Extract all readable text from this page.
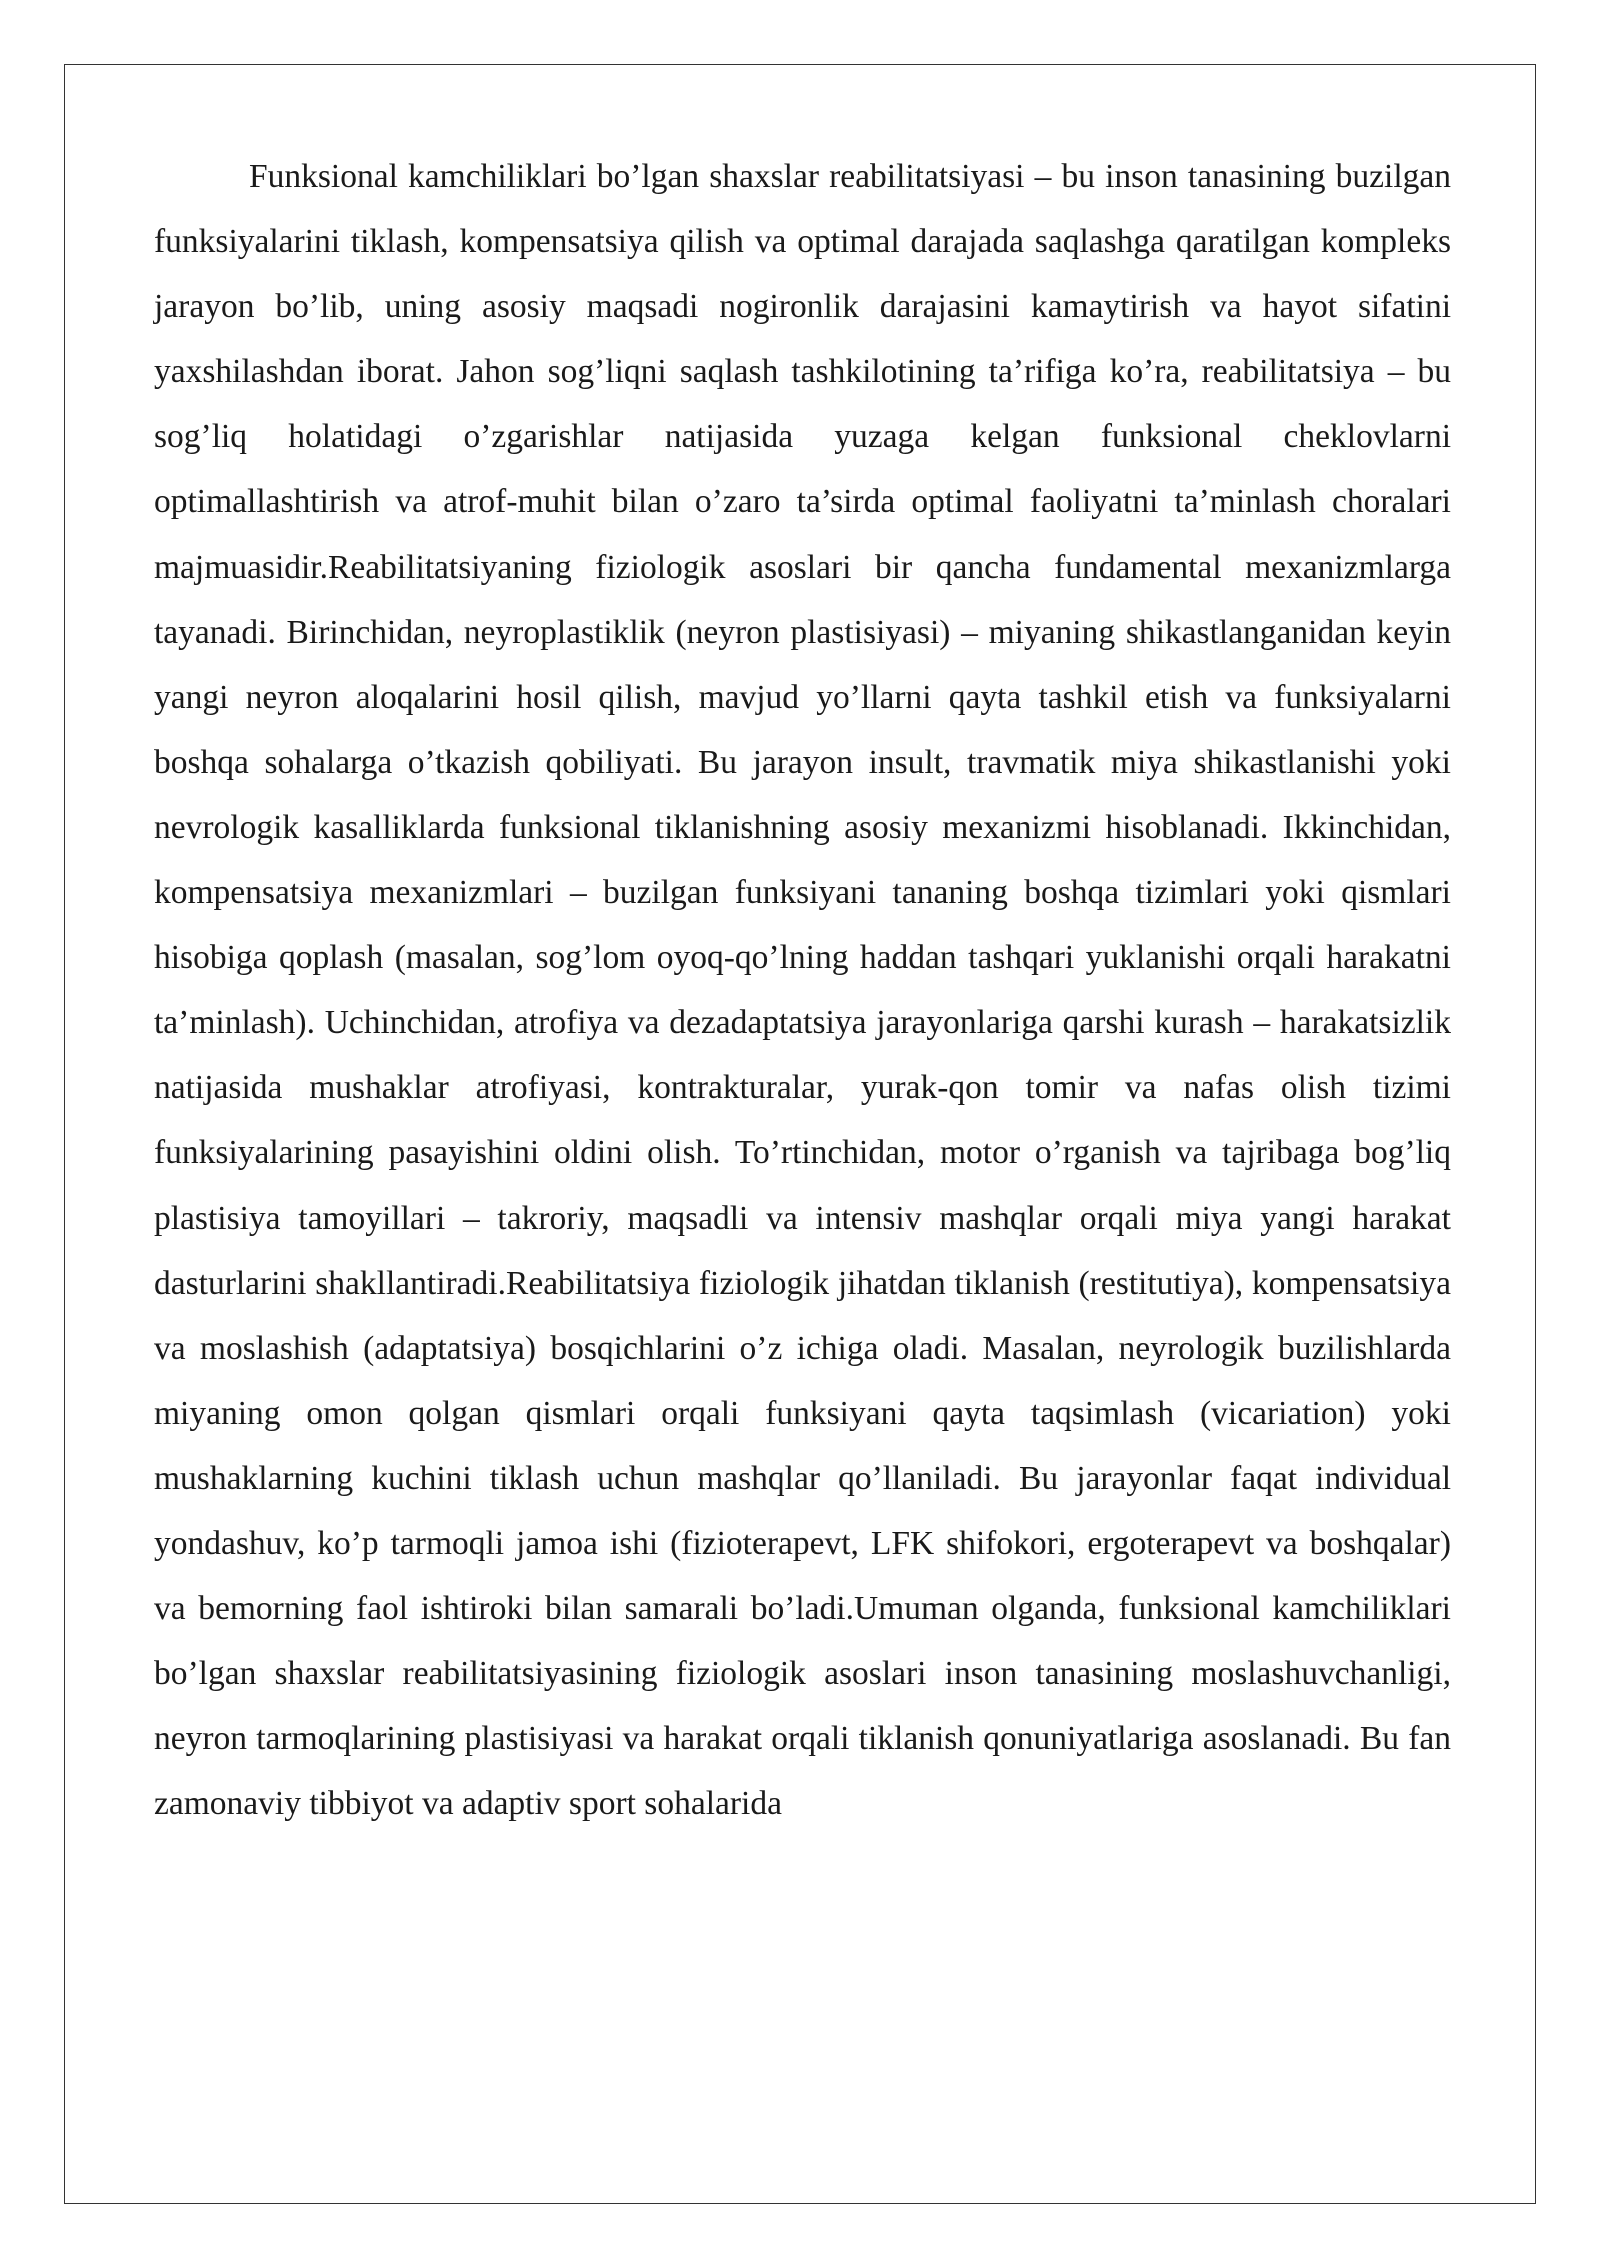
Funksional kamchiliklari bo’lgan shaxslar reabilitatsiyasi – bu inson tanasining buzilgan funksiyalarini tiklash, kompensatsiya qilish va optimal darajada saqlashga qaratilgan kompleks jarayon bo’lib, uning asosiy maqsadi nogironlik darajasini kamaytirish va hayot sifatini yaxshilashdan iborat. Jahon sog’liqni saqlash tashkilotining ta’rifiga ko’ra, reabilitatsiya – bu sog’liq holatidagi o’zgarishlar natijasida yuzaga kelgan funksional cheklovlarni optimallashtirish va atrof-muhit bilan o’zaro ta’sirda optimal faoliyatni ta’minlash choralari majmuasidir.Reabilitatsiyaning fiziologik asoslari bir qancha fundamental mexanizmlarga tayanadi. Birinchidan, neyroplastiklik (neyron plastisiyasi) – miyaning shikastlanganidan keyin yangi neyron aloqalarini hosil qilish, mavjud yo’llarni qayta tashkil etish va funksiyalarni boshqa sohalarga o’tkazish qobiliyati. Bu jarayon insult, travmatik miya shikastlanishi yoki nevrologik kasalliklarda funksional tiklanishning asosiy mexanizmi hisoblanadi. Ikkinchidan, kompensatsiya mexanizmlari – buzilgan funksiyani tananing boshqa tizimlari yoki qismlari hisobiga qoplash (masalan, sog’lom oyoq-qo’lning haddan tashqari yuklanishi orqali harakatni ta’minlash). Uchinchidan, atrofiya va dezadaptatsiya jarayonlariga qarshi kurash – harakatsizlik natijasida mushaklar atrofiyasi, kontrakturalar, yurak-qon tomir va nafas olish tizimi funksiyalarining pasayishini oldini olish. To’rtinchidan, motor o’rganish va tajribaga bog’liq plastisiya tamoyillari – takroriy, maqsadli va intensiv mashqlar orqali miya yangi harakat dasturlarini shakllantiradi.Reabilitatsiya fiziologik jihatdan tiklanish (restitutiya), kompensatsiya va moslashish (adaptatsiya) bosqichlarini o’z ichiga oladi. Masalan, neyrologik buzilishlarda miyaning omon qolgan qismlari orqali funksiyani qayta taqsimlash (vicariation) yoki mushaklarning kuchini tiklash uchun mashqlar qo’llaniladi. Bu jarayonlar faqat individual yondashuv, ko’p tarmoqli jamoa ishi (fizioterapevt, LFK shifokori, ergoterapevt va boshqalar) va bemorning faol ishtiroki bilan samarali bo’ladi.Umuman olganda, funksional kamchiliklari bo’lgan shaxslar reabilitatsiyasining fiziologik asoslari inson tanasining moslashuvchanligi, neyron tarmoqlarining plastisiyasi va harakat orqali tiklanish qonuniyatlariga asoslanadi. Bu fan zamonaviy tibbiyot va adaptiv sport sohalarida
